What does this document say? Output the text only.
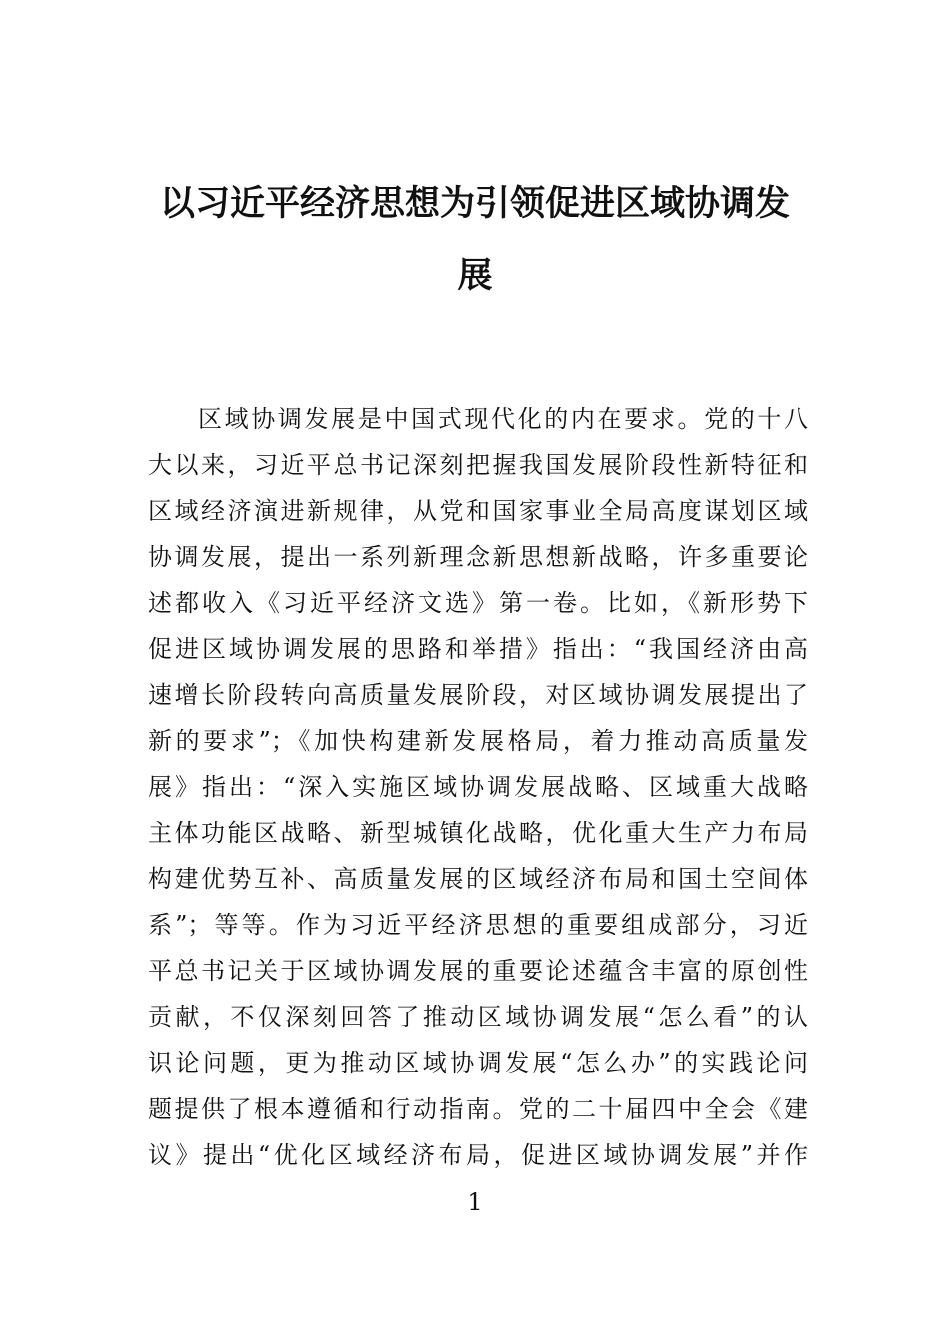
以习近平经济思想为引领促进区域协调发
展
区域协调发展是中国式现代化的内在要求。党的十八
大以来，习近平总书记深刻把握我国发展阶段性新特征和
区域经济演进新规律，从党和国家事业全局高度谋划区域
协调发展，提出一系列新理念新思想新战略，许多重要论
述都收入《习近平经济文选》第一卷。比如，《新形势下
促进区域协调发展的思路和举措》指出：“我国经济由高
速增长阶段转向高质量发展阶段，对区域协调发展提出了
新的要求”；《加快构建新发展格局，着力推动高质量发
展》指出：“深入实施区域协调发展战略、区域重大战略
主体功能区战略、新型城镇化战略，优化重大生产力布局
构建优势互补、高质量发展的区域经济布局和国土空间体
系”；等等。作为习近平经济思想的重要组成部分，习近
平总书记关于区域协调发展的重要论述蕴含丰富的原创性
贡献，不仅深刻回答了推动区域协调发展“怎么看”的认
识论问题，更为推动区域协调发展“怎么办”的实践论问
题提供了根本遵循和行动指南。党的二十届四中全会《建
议》提出“优化区域经济布局，促进区域协调发展”并作
1
